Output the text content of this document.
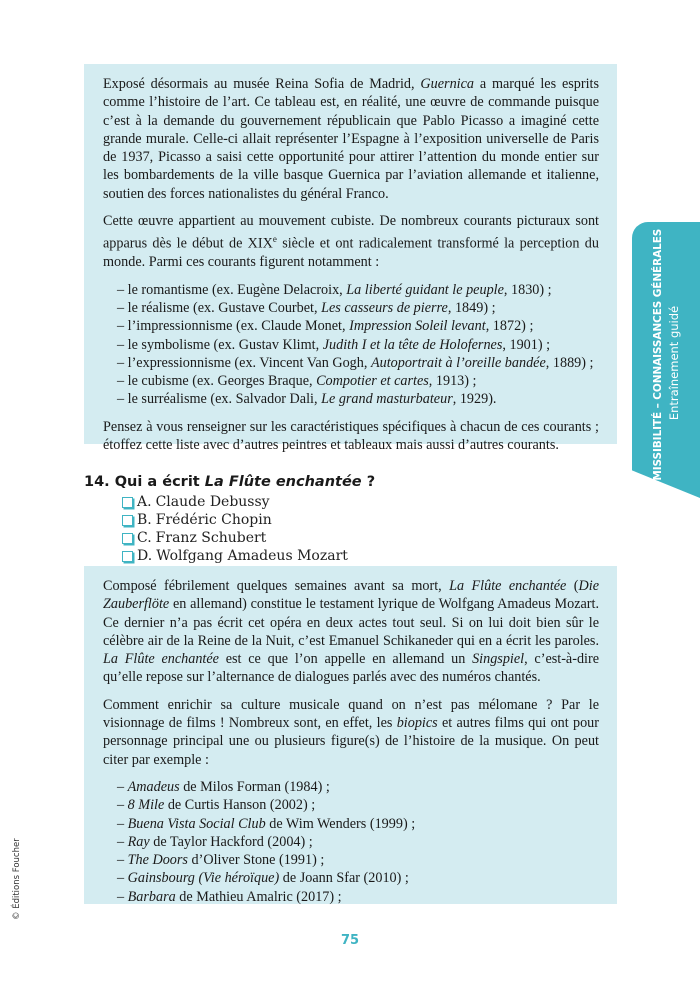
Exposé désormais au musée Reina Sofia de Madrid, Guernica a marqué les esprits comme l’histoire de l’art. Ce tableau est, en réalité, une œuvre de commande puisque c’est à la demande du gouvernement républicain que Pablo Picasso a imaginé cette grande murale. Celle-ci allait représenter l’Espagne à l’exposition universelle de Paris de 1937, Picasso a saisi cette opportunité pour attirer l’attention du monde entier sur les bombardements de la ville basque Guernica par l’aviation allemande et italienne, soutien des forces nationalistes du général Franco.

Cette œuvre appartient au mouvement cubiste. De nombreux courants picturaux sont apparus dès le début de XIXe siècle et ont radicalement transformé la perception du monde. Parmi ces courants figurent notamment :

– le romantisme (ex. Eugène Delacroix, La liberté guidant le peuple, 1830) ;
– le réalisme (ex. Gustave Courbet, Les casseurs de pierre, 1849) ;
– l’impressionnisme (ex. Claude Monet, Impression Soleil levant, 1872) ;
– le symbolisme (ex. Gustav Klimt, Judith I et la tête de Holofernes, 1901) ;
– l’expressionnisme (ex. Vincent Van Gogh, Autoportrait à l’oreille bandée, 1889) ;
– le cubisme (ex. Georges Braque, Compotier et cartes, 1913) ;
– le surréalisme (ex. Salvador Dali, Le grand masturbateur, 1929).

Pensez à vous renseigner sur les caractéristiques spécifiques à chacun de ces courants ; étoffez cette liste avec d’autres peintres et tableaux mais aussi d’autres courants.

14. Qui a écrit La Flûte enchantée ?
A. Claude Debussy
B. Frédéric Chopin
C. Franz Schubert
D. Wolfgang Amadeus Mozart

Composé fébrilement quelques semaines avant sa mort, La Flûte enchantée (Die Zauberflöte en allemand) constitue le testament lyrique de Wolfgang Amadeus Mozart. Ce dernier n’a pas écrit cet opéra en deux actes tout seul. Si on lui doit bien sûr le célèbre air de la Reine de la Nuit, c’est Emanuel Schikaneder qui en a écrit les paroles. La Flûte enchantée est ce que l’on appelle en allemand un Singspiel, c’est-à-dire qu’elle repose sur l’alternance de dialogues parlés avec des numéros chantés.

Comment enrichir sa culture musicale quand on n’est pas mélomane ? Par le visionnage de films ! Nombreux sont, en effet, les biopics et autres films qui ont pour personnage principal une ou plusieurs figure(s) de l’histoire de la musique. On peut citer par exemple :

– Amadeus de Milos Forman (1984) ;
– 8 Mile de Curtis Hanson (2002) ;
– Buena Vista Social Club de Wim Wenders (1999) ;
– Ray de Taylor Hackford (2004) ;
– The Doors d’Oliver Stone (1991) ;
– Gainsbourg (Vie héroïque) de Joann Sfar (2010) ;
– Barbara de Mathieu Amalric (2017) ;
ADMISSIBILITÉ – CONNAISSANCES GÉNÉRALES Entraînement guidé
© Éditions Foucher
75
